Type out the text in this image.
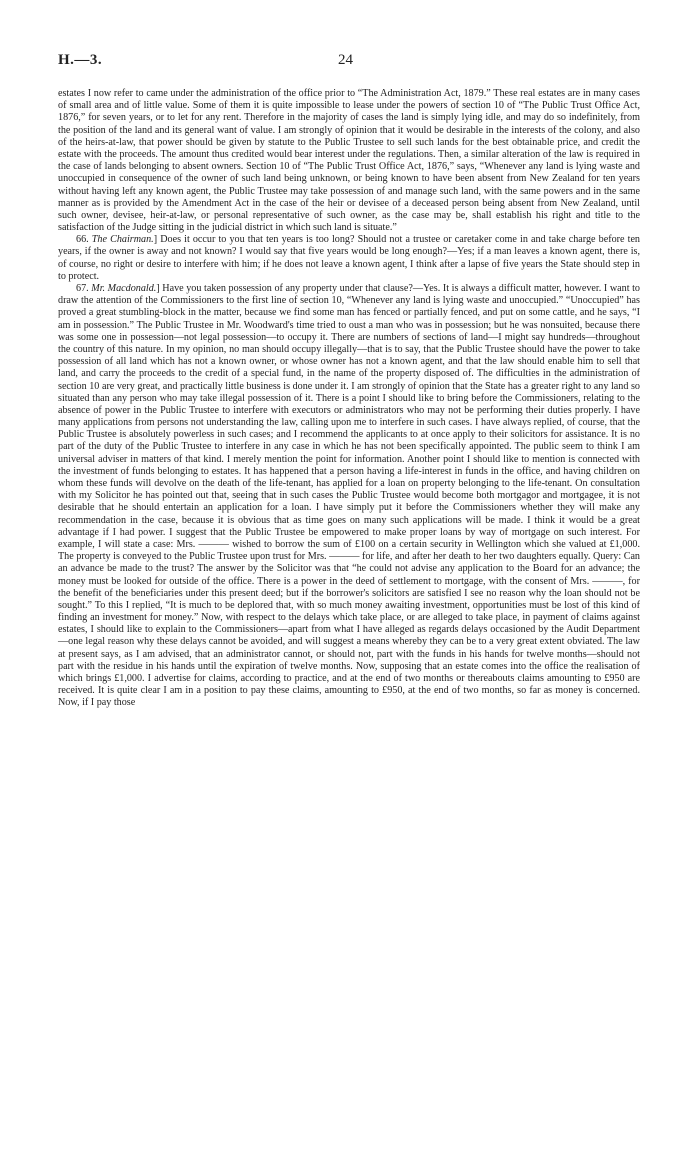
H.—3.	24

estates I now refer to came under the administration of the office prior to “The Administration Act, 1879.” These real estates are in many cases of small area and of little value. Some of them it is quite impossible to lease under the powers of section 10 of “The Public Trust Office Act, 1876,” for seven years, or to let for any rent. Therefore in the majority of cases the land is simply lying idle, and may do so indefinitely, from the position of the land and its general want of value. I am strongly of opinion that it would be desirable in the interests of the colony, and also of the heirs-at-law, that power should be given by statute to the Public Trustee to sell such lands for the best obtainable price, and credit the estate with the proceeds. The amount thus credited would bear interest under the regulations. Then, a similar alteration of the law is required in the case of lands belonging to absent owners. Section 10 of “The Public Trust Office Act, 1876,” says, “Whenever any land is lying waste and unoccupied in consequence of the owner of such land being unknown, or being known to have been absent from New Zealand for ten years without having left any known agent, the Public Trustee may take possession of and manage such land, with the same powers and in the same manner as is provided by the Amendment Act in the case of the heir or devisee of a deceased person being absent from New Zealand, until such owner, devisee, heir-at-law, or personal representative of such owner, as the case may be, shall establish his right and title to the satisfaction of the Judge sitting in the judicial district in which such land is situate.”

66. The Chairman.] Does it occur to you that ten years is too long? Should not a trustee or caretaker come in and take charge before ten years, if the owner is away and not known? I would say that five years would be long enough?—Yes; if a man leaves a known agent, there is, of course, no right or desire to interfere with him; if he does not leave a known agent, I think after a lapse of five years the State should step in to protect.

67. Mr. Macdonald.] Have you taken possession of any property under that clause?—Yes. It is always a difficult matter, however. I want to draw the attention of the Commissioners to the first line of section 10, “Whenever any land is lying waste and unoccupied.” “Unoccupied” has proved a great stumbling-block in the matter, because we find some man has fenced or partially fenced, and put on some cattle, and he says, “I am in possession.” The Public Trustee in Mr. Woodward's time tried to oust a man who was in possession; but he was nonsuited, because there was some one in possession—not legal possession—to occupy it. There are numbers of sections of land—I might say hundreds—throughout the country of this nature. In my opinion, no man should occupy illegally—that is to say, that the Public Trustee should have the power to take possession of all land which has not a known owner, or whose owner has not a known agent, and that the law should enable him to sell that land, and carry the proceeds to the credit of a special fund, in the name of the property disposed of. The difficulties in the administration of section 10 are very great, and practically little business is done under it. I am strongly of opinion that the State has a greater right to any land so situated than any person who may take illegal possession of it. There is a point I should like to bring before the Commissioners, relating to the absence of power in the Public Trustee to interfere with executors or administrators who may not be performing their duties properly. I have many applications from persons not understanding the law, calling upon me to interfere in such cases. I have always replied, of course, that the Public Trustee is absolutely powerless in such cases; and I recommend the applicants to at once apply to their solicitors for assistance. It is no part of the duty of the Public Trustee to interfere in any case in which he has not been specifically appointed. The public seem to think I am universal adviser in matters of that kind. I merely mention the point for information. Another point I should like to mention is connected with the investment of funds belonging to estates. It has happened that a person having a life-interest in funds in the office, and having children on whom these funds will devolve on the death of the life-tenant, has applied for a loan on property belonging to the life-tenant. On consultation with my Solicitor he has pointed out that, seeing that in such cases the Public Trustee would become both mortgagor and mortgagee, it is not desirable that he should entertain an application for a loan. I have simply put it before the Commissioners whether they will make any recommendation in the case, because it is obvious that as time goes on many such applications will be made. I think it would be a great advantage if I had power. I suggest that the Public Trustee be empowered to make proper loans by way of mortgage on such interest. For example, I will state a case: Mrs. ——— wished to borrow the sum of £100 on a certain security in Wellington which she valued at £1,000. The property is conveyed to the Public Trustee upon trust for Mrs. ——— for life, and after her death to her two daughters equally. Query: Can an advance be made to the trust? The answer by the Solicitor was that “he could not advise any application to the Board for an advance; the money must be looked for outside of the office. There is a power in the deed of settlement to mortgage, with the consent of Mrs. ———, for the benefit of the beneficiaries under this present deed; but if the borrower's solicitors are satisfied I see no reason why the loan should not be sought.” To this I replied, “It is much to be deplored that, with so much money awaiting investment, opportunities must be lost of this kind of finding an investment for money.” Now, with respect to the delays which take place, or are alleged to take place, in payment of claims against estates, I should like to explain to the Commissioners—apart from what I have alleged as regards delays occasioned by the Audit Department—one legal reason why these delays cannot be avoided, and will suggest a means whereby they can be to a very great extent obviated. The law at present says, as I am advised, that an administrator cannot, or should not, part with the funds in his hands for twelve months—should not part with the residue in his hands until the expiration of twelve months. Now, supposing that an estate comes into the office the realisation of which brings £1,000. I advertise for claims, according to practice, and at the end of two months or thereabouts claims amounting to £950 are received. It is quite clear I am in a position to pay these claims, amounting to £950, at the end of two months, so far as money is concerned. Now, if I pay those
